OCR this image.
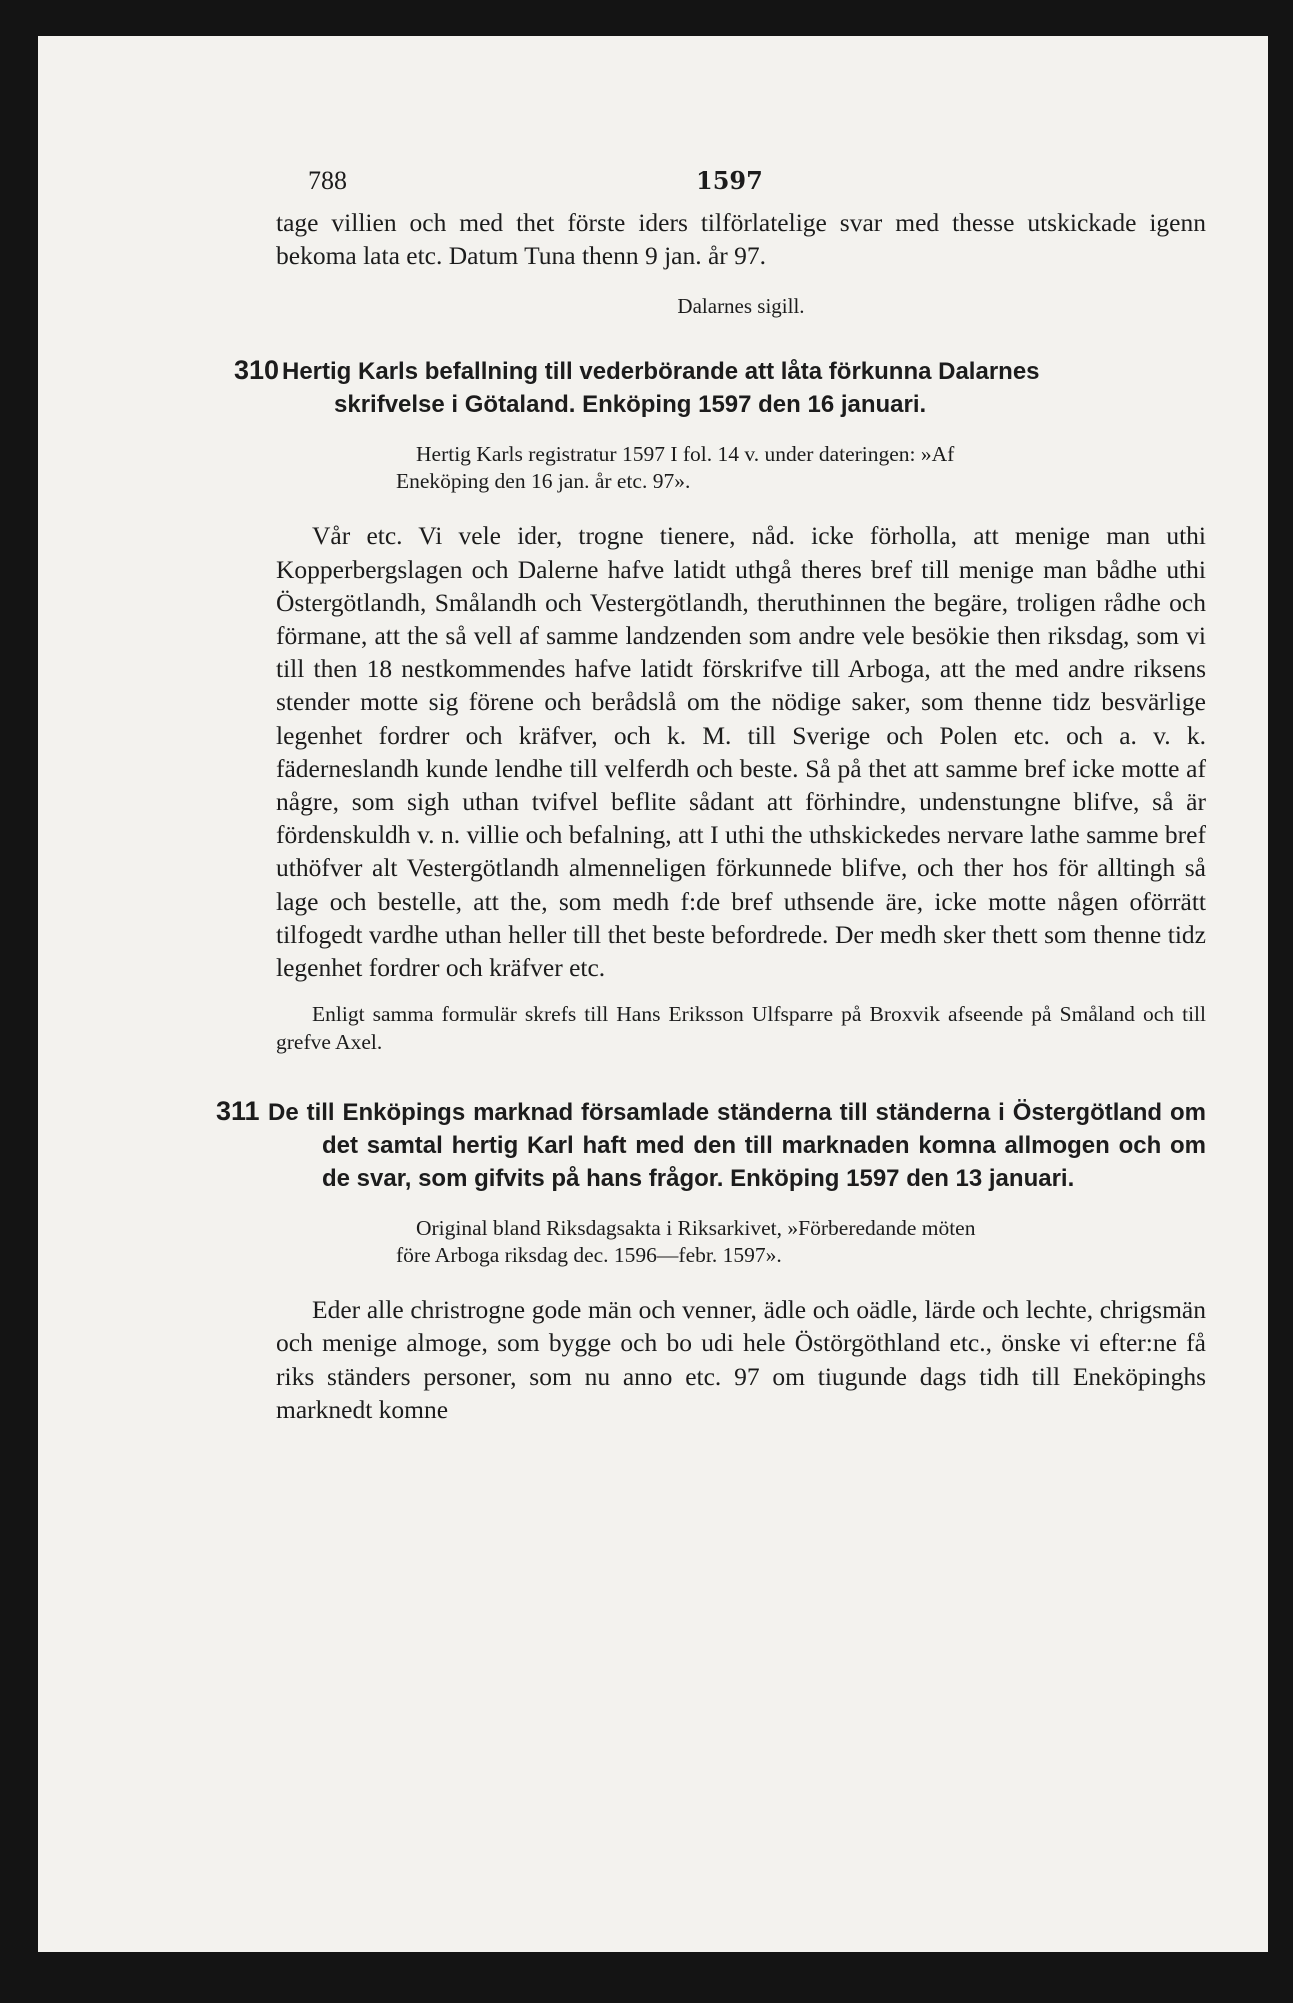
788	1597

tage villien och med thet förste iders tilförlatelige svar med thesse utskickade igenn bekoma lata etc. Datum Tuna thenn 9 jan. år 97.

Dalarnes sigill.
310 Hertig Karls befallning till vederbörande att låta förkunna Dalarnes
skrifvelse i Götaland. Enköping 1597 den 16 januari.

Hertig Karls registratur 1597 I fol. 14 v. under dateringen: »Af
Eneköping den 16 jan. år etc. 97».

Vår etc. Vi vele ider, trogne tienere, nåd. icke förholla, att menige man uthi Kopperbergslagen och Dalerne hafve latidt uthgå theres bref till menige man bådhe uthi Östergötlandh, Smålandh och Vestergötlandh, theruthinnen the begäre, troligen rådhe och förmane, att the så vell af samme landzenden som andre vele besökie then riksdag, som vi till then 18 nestkommendes hafve latidt förskrifve till Arboga, att the med andre riksens stender motte sig förene och berådslå om the nödige saker, som thenne tidz besvärlige legenhet fordrer och kräfver, och k. M. till Sverige och Polen etc. och a. v. k. fäderneslandh kunde lendhe till velferdh och beste. Så på thet att samme bref icke motte af någre, som sigh uthan tvifvel beflite sådant att förhindre, undenstungne blifve, så är fördenskuldh v. n. villie och befalning, att I uthi the uthskickedes nervare lathe samme bref uthöfver alt Vestergötlandh almenneligen förkunnede blifve, och ther hos för alltingh så lage och bestelle, att the, som medh f:de bref uthsende äre, icke motte någen oförrätt tilfogedt vardhe uthan heller till thet beste befordrede. Der medh sker thett som thenne tidz legenhet fordrer och kräfver etc.

Enligt samma formulär skrefs till Hans Eriksson Ulfsparre på Broxvik afseende på Småland och till grefve Axel.

311 De till Enköpings marknad församlade ständerna till ständerna i Östergötland om det samtal hertig Karl haft med den till marknaden komna allmogen och om de svar, som gifvits på hans frågor. Enköping 1597 den 13 januari.

Original bland Riksdagsakta i Riksarkivet, »Förberedande möten
före Arboga riksdag dec. 1596—febr. 1597».

Eder alle christrogne gode män och venner, ädle och oädle, lärde och lechte, chrigsmän och menige almoge, som bygge och bo udi hele Östörgöthland etc., önske vi efter:ne få riks ständers personer, som nu anno etc. 97 om tiugunde dags tidh till Eneköpinghs marknedt komne
